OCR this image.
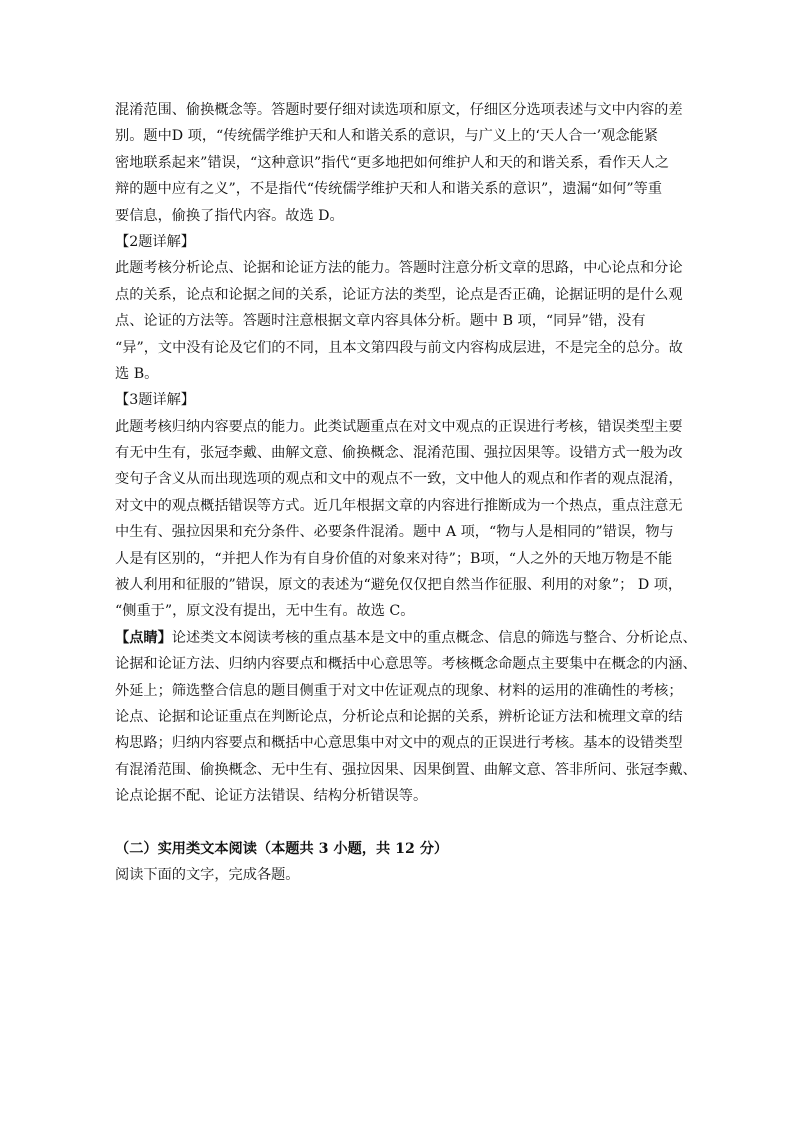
混淆范围、偷换概念等。答题时要仔细对读选项和原文，仔细区分选项表述与文中内容的差
别。题中D 项，“传统儒学维护天和人和谐关系的意识，与广义上的‘天人合一’观念能紧
密地联系起来”错误，“这种意识”指代“更多地把如何维护人和天的和谐关系，看作天人之
辩的题中应有之义”，不是指代“传统儒学维护天和人和谐关系的意识”，遗漏“如何”等重
要信息，偷换了指代内容。故选 D。
【2题详解】
此题考核分析论点、论据和论证方法的能力。答题时注意分析文章的思路，中心论点和分论
点的关系，论点和论据之间的关系，论证方法的类型，论点是否正确，论据证明的是什么观
点、论证的方法等。答题时注意根据文章内容具体分析。题中 B 项，“同异”错，没有
“异”，文中没有论及它们的不同，且本文第四段与前文内容构成层进，不是完全的总分。故
选 B。
【3题详解】
此题考核归纳内容要点的能力。此类试题重点在对文中观点的正误进行考核，错误类型主要
有无中生有，张冠李戴、曲解文意、偷换概念、混淆范围、强拉因果等。设错方式一般为改
变句子含义从而出现选项的观点和文中的观点不一致，文中他人的观点和作者的观点混淆，
对文中的观点概括错误等方式。近几年根据文章的内容进行推断成为一个热点，重点注意无
中生有、强拉因果和充分条件、必要条件混淆。题中 A 项，“物与人是相同的”错误，物与
人是有区别的，“并把人作为有自身价值的对象来对待”；B项，“人之外的天地万物是不能
被人利用和征服的”错误，原文的表述为“避免仅仅把自然当作征服、利用的对象”； D 项，
“侧重于”，原文没有提出，无中生有。故选 C。
【点睛】论述类文本阅读考核的重点基本是文中的重点概念、信息的筛选与整合、分析论点、
论据和论证方法、归纳内容要点和概括中心意思等。考核概念命题点主要集中在概念的内涵、
外延上；筛选整合信息的题目侧重于对文中佐证观点的现象、材料的运用的准确性的考核；
论点、论据和论证重点在判断论点，分析论点和论据的关系，辨析论证方法和梳理文章的结
构思路；归纳内容要点和概括中心意思集中对文中的观点的正误进行考核。基本的设错类型
有混淆范围、偷换概念、无中生有、强拉因果、因果倒置、曲解文意、答非所问、张冠李戴、
论点论据不配、论证方法错误、结构分析错误等。
（二）实用类文本阅读（本题共 3 小题，共 12 分）
阅读下面的文字，完成各题。
